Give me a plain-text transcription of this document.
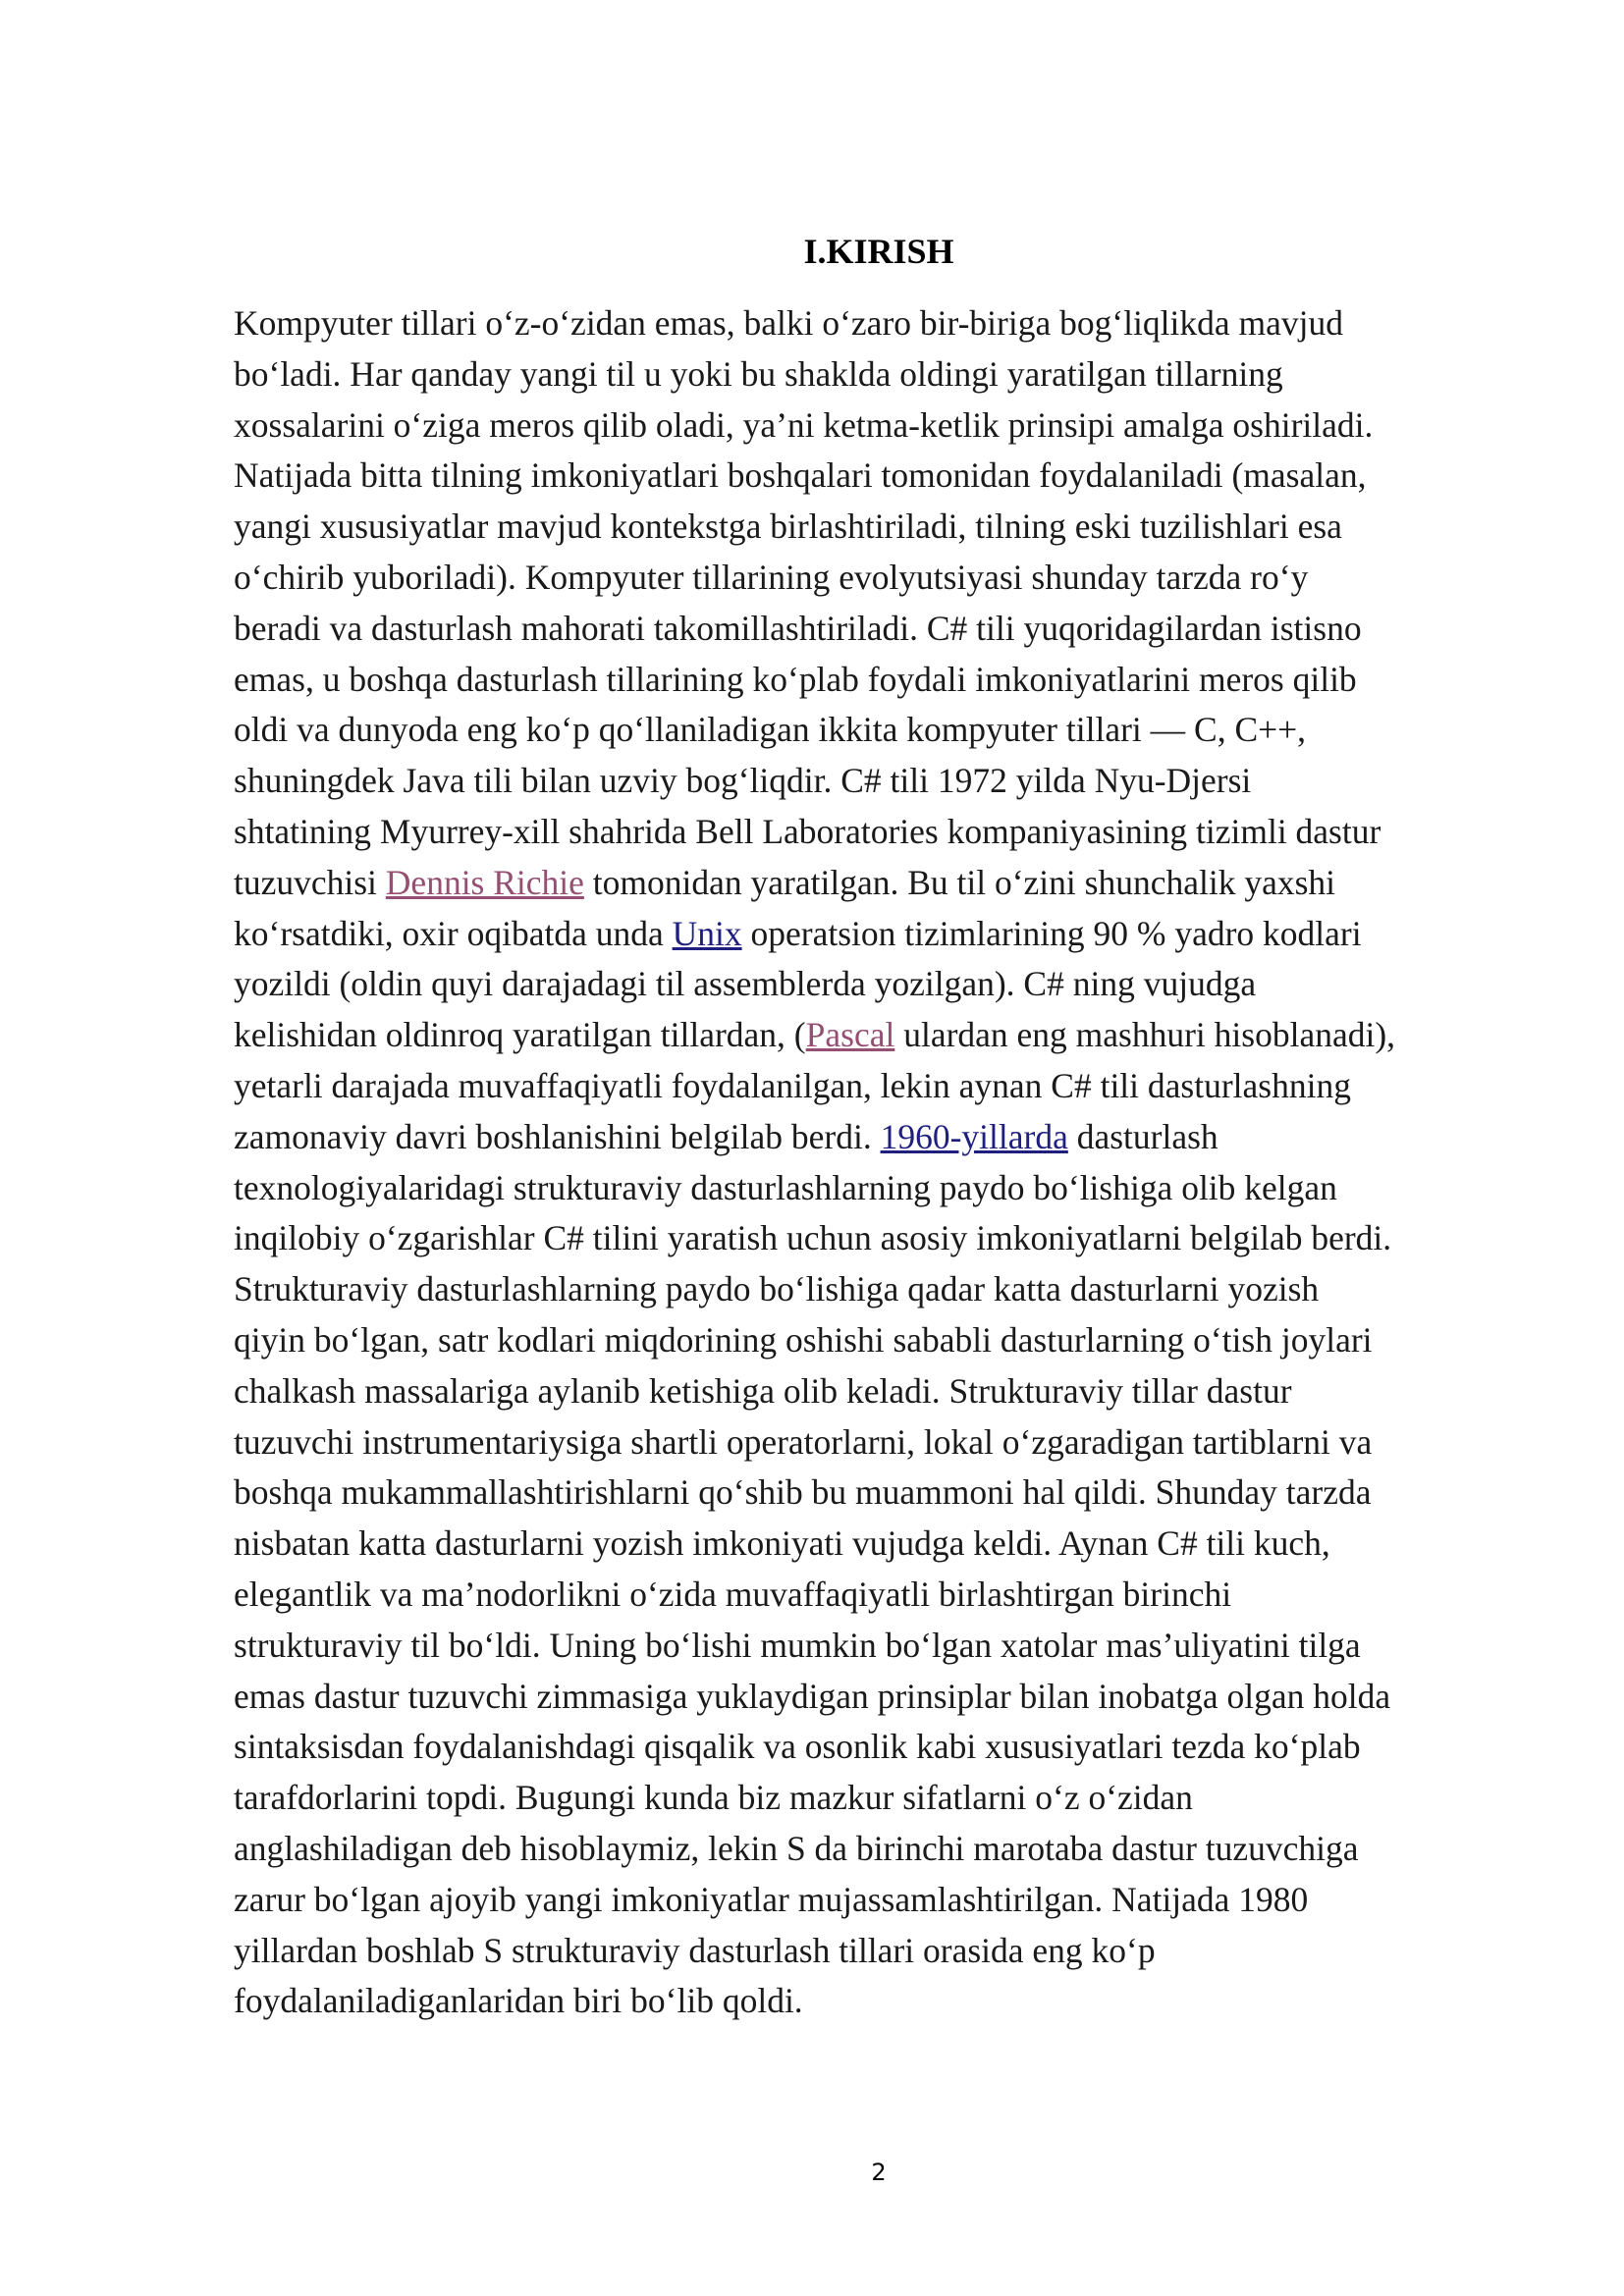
I.KIRISH
Kompyuter tillari o‘z-o‘zidan emas, balki o‘zaro bir-biriga bog‘liqlikda mavjud
bo‘ladi. Har qanday yangi til u yoki bu shaklda oldingi yaratilgan tillarning
xossalarini o‘ziga meros qilib oladi, ya’ni ketma-ketlik prinsipi amalga oshiriladi.
Natijada bitta tilning imkoniyatlari boshqalari tomonidan foydalaniladi (masalan,
yangi xususiyatlar mavjud kontekstga birlashtiriladi, tilning eski tuzilishlari esa
o‘chirib yuboriladi). Kompyuter tillarining evolyutsiyasi shunday tarzda ro‘y
beradi va dasturlash mahorati takomillashtiriladi. C# tili yuqoridagilardan istisno
emas, u boshqa dasturlash tillarining ko‘plab foydali imkoniyatlarini meros qilib
oldi va dunyoda eng ko‘p qo‘llaniladigan ikkita kompyuter tillari — C, C++,
shuningdek Java tili bilan uzviy bog‘liqdir. C# tili 1972 yilda Nyu-Djersi
shtatining Myurrey-xill shahrida Bell Laboratories kompaniyasining tizimli dastur
tuzuvchisi Dennis Richie tomonidan yaratilgan. Bu til o‘zini shunchalik yaxshi
ko‘rsatdiki, oxir oqibatda unda Unix operatsion tizimlarining 90 % yadro kodlari
yozildi (oldin quyi darajadagi til assemblerda yozilgan). C# ning vujudga
kelishidan oldinroq yaratilgan tillardan, (Pascal ulardan eng mashhuri hisoblanadi),
yetarli darajada muvaffaqiyatli foydalanilgan, lekin aynan C# tili dasturlashning
zamonaviy davri boshlanishini belgilab berdi. 1960-yillarda dasturlash
texnologiyalaridagi strukturaviy dasturlashlarning paydo bo‘lishiga olib kelgan
inqilobiy o‘zgarishlar C# tilini yaratish uchun asosiy imkoniyatlarni belgilab berdi.
Strukturaviy dasturlashlarning paydo bo‘lishiga qadar katta dasturlarni yozish
qiyin bo‘lgan, satr kodlari miqdorining oshishi sababli dasturlarning o‘tish joylari
chalkash massalariga aylanib ketishiga olib keladi. Strukturaviy tillar dastur
tuzuvchi instrumentariysiga shartli operatorlarni, lokal o‘zgaradigan tartiblarni va
boshqa mukammallashtirishlarni qo‘shib bu muammoni hal qildi. Shunday tarzda
nisbatan katta dasturlarni yozish imkoniyati vujudga keldi. Aynan C# tili kuch,
elegantlik va ma’nodorlikni o‘zida muvaffaqiyatli birlashtirgan birinchi
strukturaviy til bo‘ldi. Uning bo‘lishi mumkin bo‘lgan xatolar mas’uliyatini tilga
emas dastur tuzuvchi zimmasiga yuklaydigan prinsiplar bilan inobatga olgan holda
sintaksisdan foydalanishdagi qisqalik va osonlik kabi xususiyatlari tezda ko‘plab
tarafdorlarini topdi. Bugungi kunda biz mazkur sifatlarni o‘z o‘zidan
anglashiladigan deb hisoblaymiz, lekin S da birinchi marotaba dastur tuzuvchiga
zarur bo‘lgan ajoyib yangi imkoniyatlar mujassamlashtirilgan. Natijada 1980
yillardan boshlab S strukturaviy dasturlash tillari orasida eng ko‘p
foydalaniladiganlaridan biri bo‘lib qoldi.
2
